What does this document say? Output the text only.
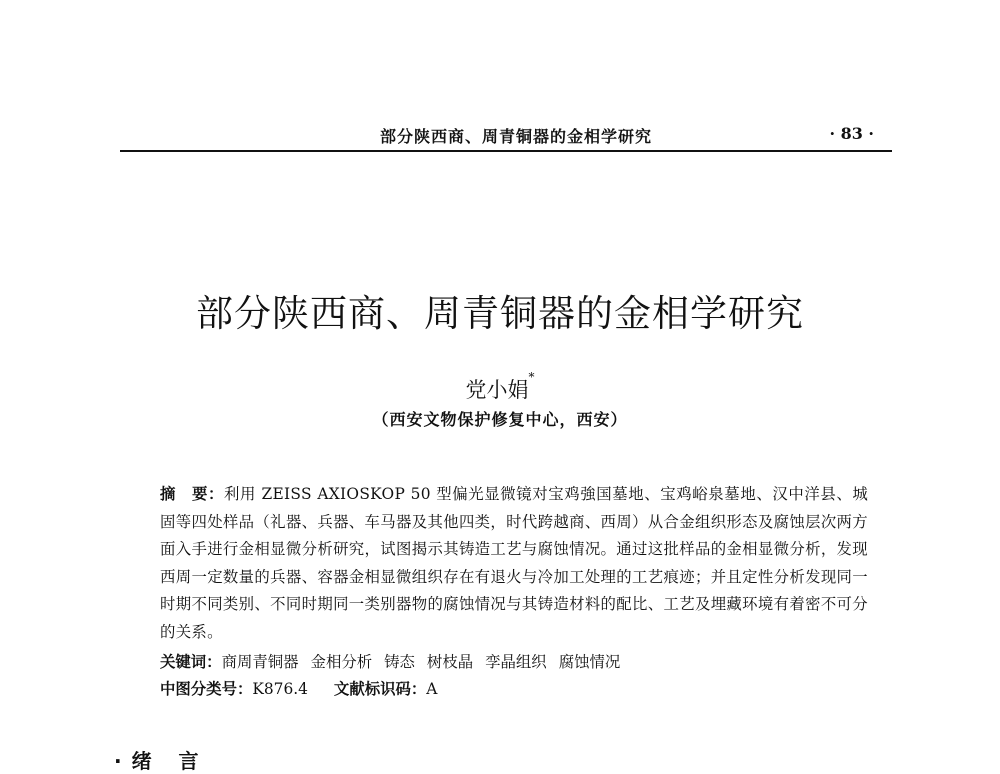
部分陕西商、周青铜器的金相学研究	· 83 ·
部分陕西商、周青铜器的金相学研究
党小娟*
（西安文物保护修复中心，西安）
摘　要：利用 ZEISS AXIOSKOP 50 型偏光显微镜对宝鸡強国墓地、宝鸡峪泉墓地、汉中洋县、城固等四处样品（礼器、兵器、车马器及其他四类，时代跨越商、西周）从合金组织形态及腐蚀层次两方面入手进行金相显微分析研究，试图揭示其铸造工艺与腐蚀情况。通过这批样品的金相显微分析，发现西周一定数量的兵器、容器金相显微组织存在有退火与冷加工处理的工艺痕迹；并且定性分析发现同一时期不同类别、不同时期同一类别器物的腐蚀情况与其铸造材料的配比、工艺及埋藏环境有着密不可分的关系。
关键词：商周青铜器 金相分析 铸态 树枝晶 孪晶组织 腐蚀情况
中图分类号：K876.4 文献标识码：A
·绪 言
